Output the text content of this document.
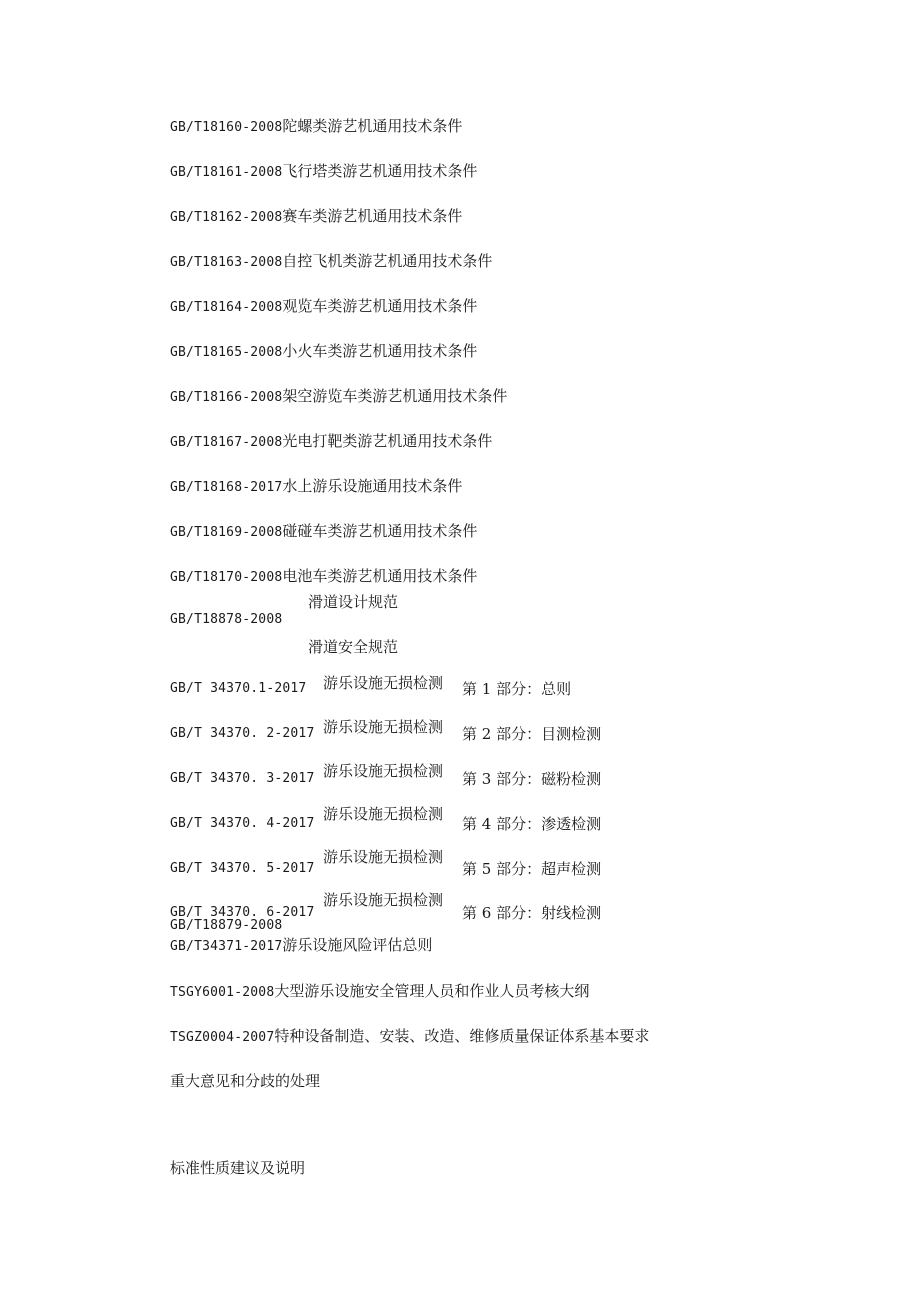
GB/T18160-2008陀螺类游艺机通用技术条件
GB/T18161-2008飞行塔类游艺机通用技术条件
GB/T18162-2008赛车类游艺机通用技术条件
GB/T18163-2008自控飞机类游艺机通用技术条件
GB/T18164-2008观览车类游艺机通用技术条件
GB/T18165-2008小火车类游艺机通用技术条件
GB/T18166-2008架空游览车类游艺机通用技术条件
GB/T18167-2008光电打靶类游艺机通用技术条件
GB/T18168-2017水上游乐设施通用技术条件
GB/T18169-2008碰碰车类游艺机通用技术条件
GB/T18170-2008电池车类游艺机通用技术条件
滑道设计规范
GB/T18878-2008
滑道安全规范
GB/T 34370.1-2017 游乐设施无损检测 第 1 部分：总则
GB/T 34370. 2-2017 游乐设施无损检测 第 2 部分：目测检测
GB/T 34370. 3-2017 游乐设施无损检测 第 3 部分：磁粉检测
GB/T 34370. 4-2017
游乐设施无损检测
第 4 部分：渗透检测
GB/T 34370. 5-2017
游乐设施无损检测
第 5 部分：超声检测
游乐设施无损检测
GB/T 34370. 6-2017	第 6 部分：射线检测
GB/T18879-2008
GB/T34371-2017游乐设施风险评估总则
TSGY6001-2008大型游乐设施安全管理人员和作业人员考核大纲
TSGZ0004-2007特种设备制造、安装、改造、维修质量保证体系基本要求
重大意见和分歧的处理
标准性质建议及说明
